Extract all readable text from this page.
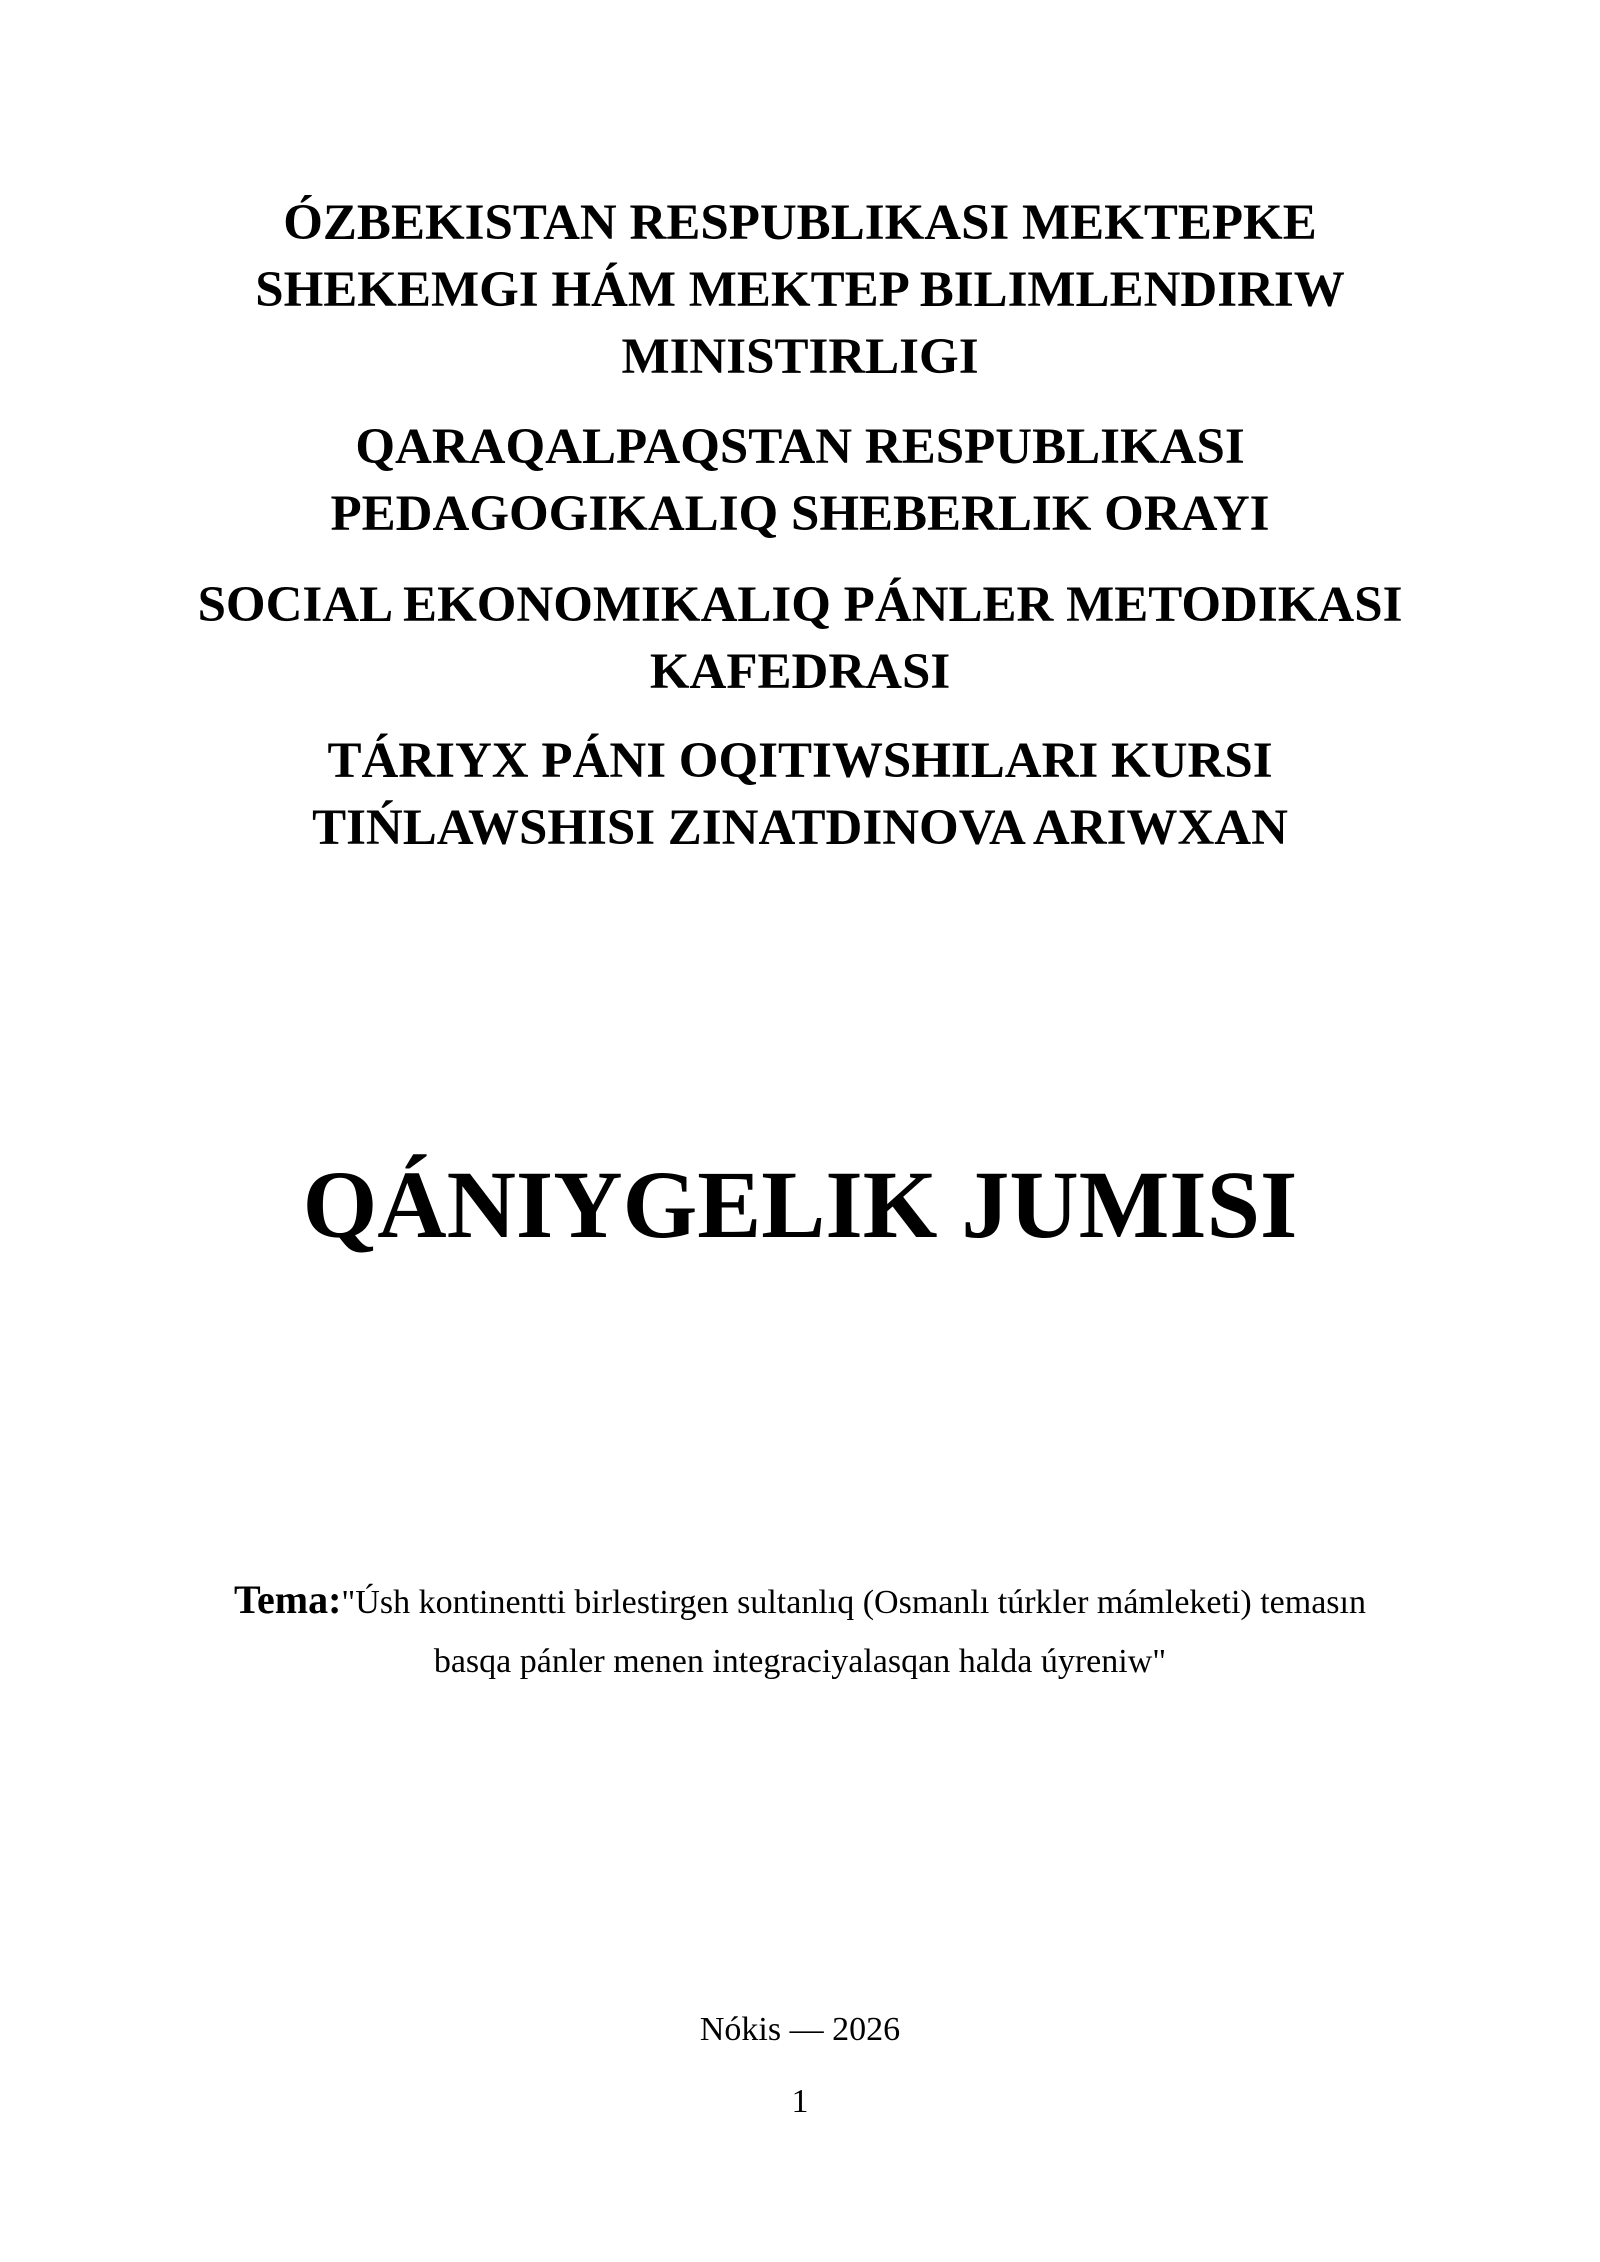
ÓZBEKISTAN RESPUBLIKASI MEKTEPKE
SHEKEMGI HÁM MEKTEP BILIMLENDIRIW
MINISTIRLIGI
QARAQALPAQSTAN RESPUBLIKASI
PEDAGOGIKALIQ SHEBERLIK ORAYI
SOCIAL EKONOMIKALIQ PÁNLER METODIKASI
KAFEDRASI
TÁRIYX PÁNI OQITIWSHILARI KURSI
TIŃLAWSHISI ZINATDINOVA ARIWXAN
QÁNIYGELIK JUMISI
Tema:"Úsh kontinentti birlestirgen sultanlıq (Osmanlı túrkler mámleketi) temasın
basqa pánler menen integraciyalasqan halda úyreniw"
Nókis — 2026
1
